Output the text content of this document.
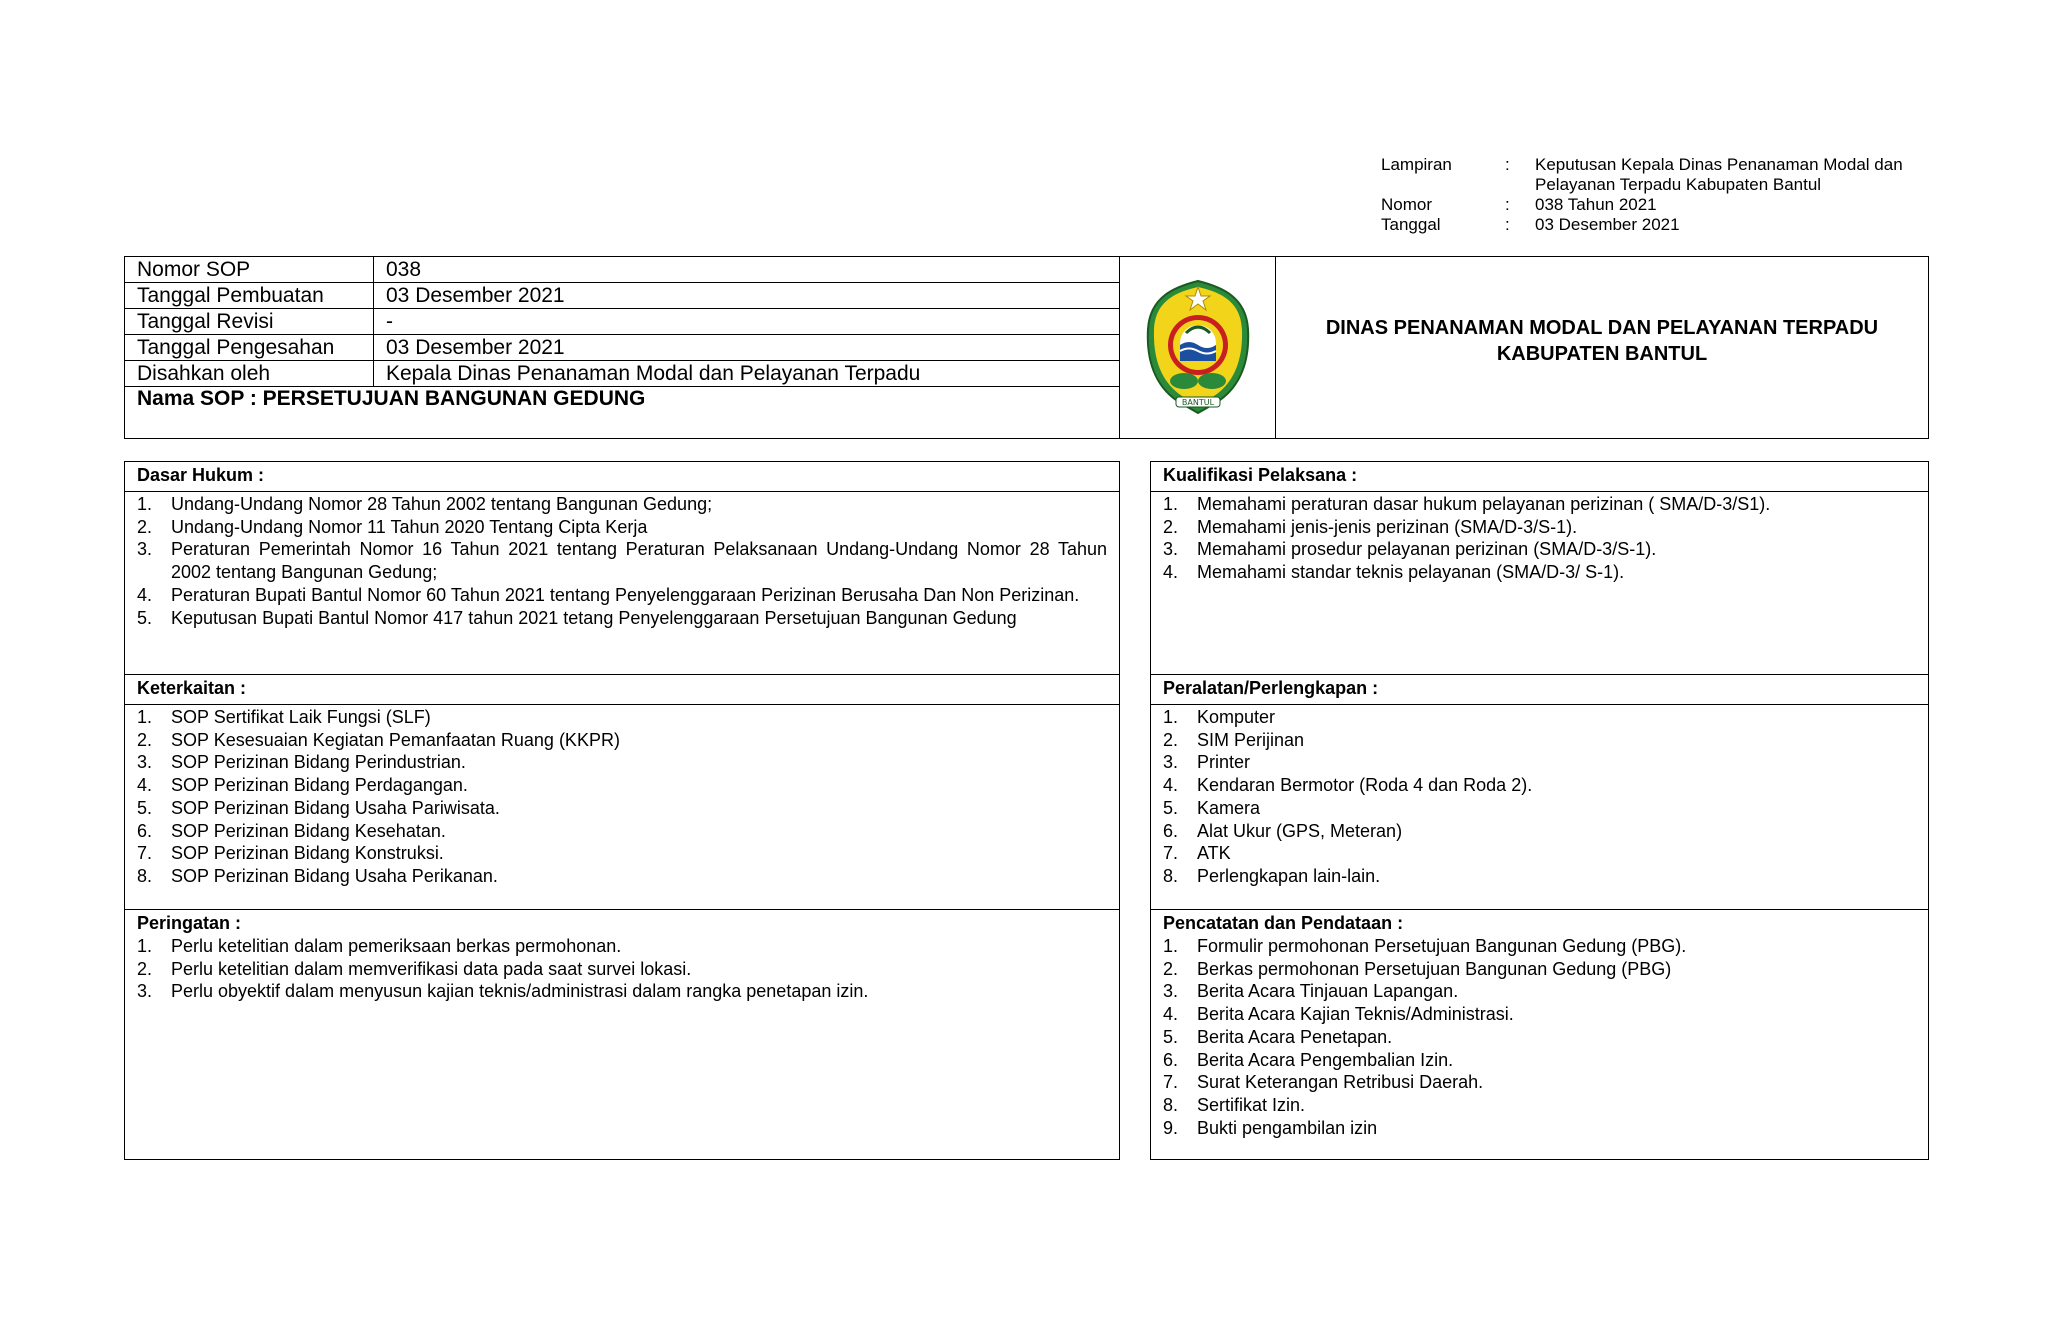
Lampiran	:	Keputusan Kepala Dinas Penanaman Modal dan Pelayanan Terpadu Kabupaten Bantul
Nomor	:	038 Tahun 2021
Tanggal	:	03 Desember 2021
Nomor SOP	038
Tanggal Pembuatan	03 Desember 2021
Tanggal Revisi	-
Tanggal Pengesahan	03 Desember 2021
Disahkan oleh	Kepala Dinas Penanaman Modal dan Pelayanan Terpadu
Nama SOP : PERSETUJUAN BANGUNAN GEDUNG	BANTUL
DINAS PENANAMAN MODAL DAN PELAYANAN TERPADU
KABUPATEN BANTUL
Dasar Hukum :
1.	Undang-Undang Nomor 28 Tahun 2002 tentang Bangunan Gedung;
2.	Undang-Undang Nomor 11 Tahun 2020 Tentang Cipta Kerja
3.	Peraturan Pemerintah Nomor 16 Tahun 2021 tentang Peraturan Pelaksanaan Undang-Undang Nomor 28 Tahun 2002 tentang Bangunan Gedung;
4.	Peraturan Bupati Bantul Nomor 60 Tahun 2021 tentang Penyelenggaraan Perizinan Berusaha Dan Non Perizinan.
5.	Keputusan Bupati Bantul Nomor 417 tahun 2021 tetang Penyelenggaraan Persetujuan Bangunan Gedung
Keterkaitan :
1.	SOP Sertifikat Laik Fungsi (SLF)
2.	SOP Kesesuaian Kegiatan Pemanfaatan Ruang (KKPR)
3.	SOP Perizinan Bidang Perindustrian.
4.	SOP Perizinan Bidang Perdagangan.
5.	SOP Perizinan Bidang Usaha Pariwisata.
6.	SOP Perizinan Bidang Kesehatan.
7.	SOP Perizinan Bidang Konstruksi.
8.	SOP Perizinan Bidang Usaha Perikanan.
Peringatan :
1.	Perlu ketelitian dalam pemeriksaan berkas permohonan.
2.	Perlu ketelitian dalam memverifikasi data pada saat survei lokasi.
3.	Perlu obyektif dalam menyusun kajian teknis/administrasi dalam rangka penetapan izin.
Kualifikasi Pelaksana :
1.	Memahami peraturan dasar hukum pelayanan perizinan ( SMA/D-3/S1).
2.	Memahami jenis-jenis perizinan (SMA/D-3/S-1).
3.	Memahami prosedur pelayanan perizinan (SMA/D-3/S-1).
4.	Memahami standar teknis pelayanan (SMA/D-3/ S-1).
Peralatan/Perlengkapan :
1.	Komputer
2.	SIM Perijinan
3.	Printer
4.	Kendaran Bermotor (Roda 4 dan Roda 2).
5.	Kamera
6.	Alat Ukur (GPS, Meteran)
7.	ATK
8.	Perlengkapan lain-lain.
Pencatatan dan Pendataan :
1.	Formulir permohonan Persetujuan Bangunan Gedung (PBG).
2.	Berkas permohonan Persetujuan Bangunan Gedung (PBG)
3.	Berita Acara Tinjauan Lapangan.
4.	Berita Acara Kajian Teknis/Administrasi.
5.	Berita Acara Penetapan.
6.	Berita Acara Pengembalian Izin.
7.	Surat Keterangan Retribusi Daerah.
8.	Sertifikat Izin.
9.	Bukti pengambilan izin
